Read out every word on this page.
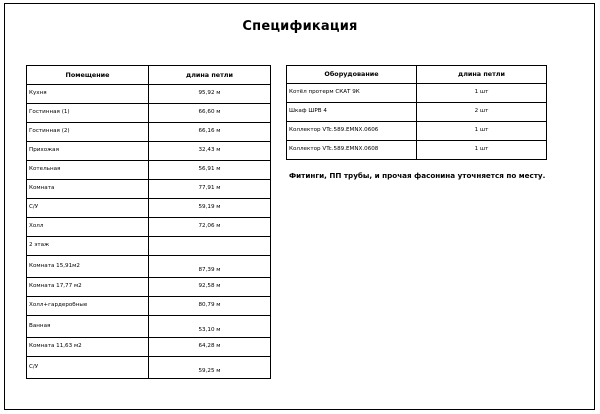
Спецификация
Помещение	длина петли
Кухня	95,92 м
Гостинная (1)	66,60 м
Гостинная (2)	66,16 м
Прихожая	32,43 м
Котельная	56,91 м
Комната	77,91 м
С/У	59,19 м
Холл	72,06 м
2 этаж	
Комната 15,91м2	87,39 м
Комната 17,77 м2	92,58 м
Холл+гардеробные	80,79 м
Ванная	53,10 м
Комната 11,63 м2	64,28 м
С/У	59,25 м
Оборудование	длина петли
Котёл протерм СКАТ 9К	1 шт
Шкаф ШРВ 4	2 шт
Коллектор VTc.589.EMNX.0606	1 шт
Коллектор VTc.589.EMNX.0608	1 шт
Фитинги, ПП трубы, и прочая фасонина уточняется по месту.
